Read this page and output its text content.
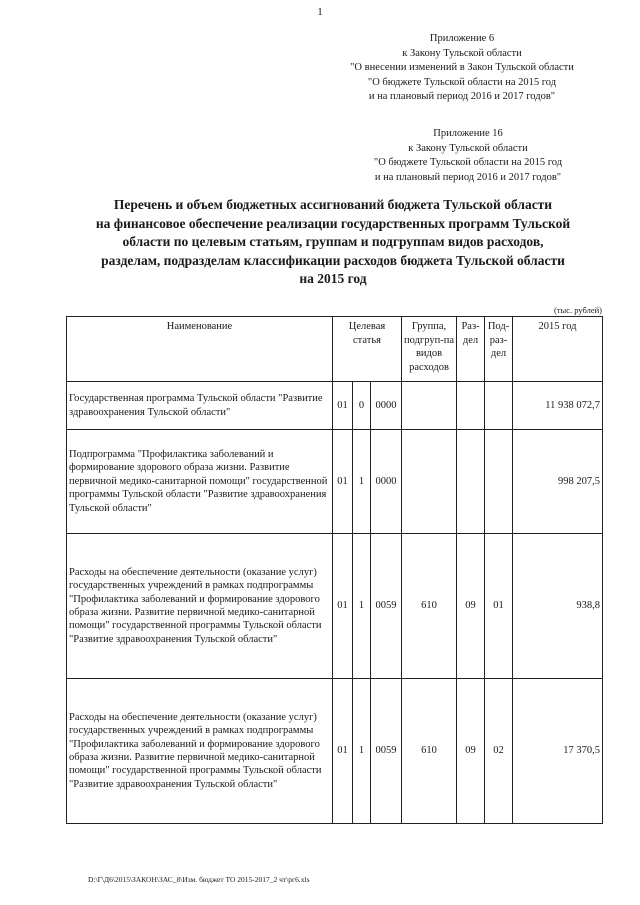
1
Приложение 6
к Закону Тульской области
"О внесении изменений в Закон Тульской области
"О бюджете Тульской области на 2015 год
и на плановый период 2016 и 2017 годов"
Приложение 16
к Закону Тульской области
"О бюджете Тульской области на 2015 год
и на плановый период 2016 и 2017 годов"
Перечень и объем бюджетных ассигнований бюджета Тульской области
на финансовое обеспечение реализации государственных программ Тульской
области по целевым статьям, группам и подгруппам видов расходов,
разделам, подразделам классификации расходов бюджета Тульской области
на 2015 год
(тыс. рублей)
Наименование	Целевая статья			Группа, подгруп-па видов расходов	Раз-дел	Под-раз-дел	2015 год
Государственная программа Тульской области "Развитие здравоохранения Тульской области"	01	0	0000				11 938 072,7
Подпрограмма "Профилактика заболеваний и формирование здорового образа жизни. Развитие первичной медико-санитарной помощи" государственной программы Тульской области "Развитие здравоохранения Тульской области"	01	1	0000				998 207,5
Расходы на обеспечение деятельности (оказание услуг) государственных учреждений в рамках подпрограммы "Профилактика заболеваний и формирование здорового образа жизни. Развитие первичной медико-санитарной помощи" государственной программы Тульской области "Развитие здравоохранения Тульской области"	01	1	0059	610	09	01	938,8
Расходы на обеспечение деятельности (оказание услуг) государственных учреждений в рамках подпрограммы "Профилактика заболеваний и формирование здорового образа жизни. Развитие первичной медико-санитарной помощи" государственной программы Тульской области "Развитие здравоохранения Тульской области"	01	1	0059	610	09	02	17 370,5
D:\Г\Д6\2015\ЗАКОН\ЗАС_8\Изм. бюджет ТО 2015-2017_2 чт\рг6.xls
